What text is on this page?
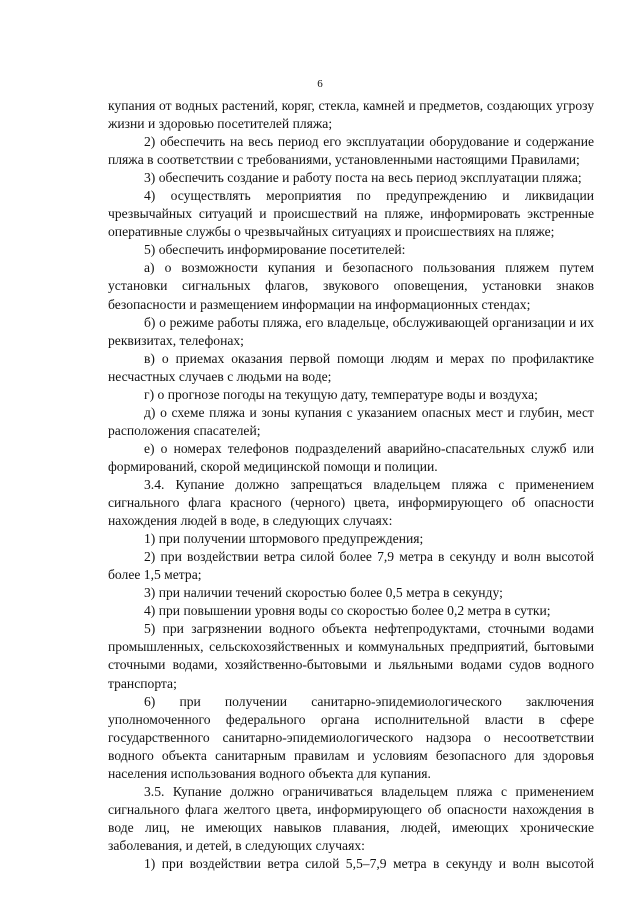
6

купания от водных растений, коряг, стекла, камней и предметов, создающих угрозу жизни и здоровью посетителей пляжа;

2) обеспечить на весь период его эксплуатации оборудование и содержание пляжа в соответствии с требованиями, установленными настоящими Правилами;

3) обеспечить создание и работу поста на весь период эксплуатации пляжа;

4) осуществлять мероприятия по предупреждению и ликвидации чрезвычайных ситуаций и происшествий на пляже, информировать экстренные оперативные службы о чрезвычайных ситуациях и происшествиях на пляже;

5) обеспечить информирование посетителей:

а) о возможности купания и безопасного пользования пляжем путем установки сигнальных флагов, звукового оповещения, установки знаков безопасности и размещением информации на информационных стендах;

б) о режиме работы пляжа, его владельце, обслуживающей организации и их реквизитах, телефонах;

в) о приемах оказания первой помощи людям и мерах по профилактике несчастных случаев с людьми на воде;

г) о прогнозе погоды на текущую дату, температуре воды и воздуха;

д) о схеме пляжа и зоны купания с указанием опасных мест и глубин, мест расположения спасателей;

е) о номерах телефонов подразделений аварийно-спасательных служб или формирований, скорой медицинской помощи и полиции.

3.4. Купание должно запрещаться владельцем пляжа с применением сигнального флага красного (черного) цвета, информирующего об опасности нахождения людей в воде, в следующих случаях:

1) при получении штормового предупреждения;

2) при воздействии ветра силой более 7,9 метра в секунду и волн высотой более 1,5 метра;

3) при наличии течений скоростью более 0,5 метра в секунду;

4) при повышении уровня воды со скоростью более 0,2 метра в сутки;

5) при загрязнении водного объекта нефтепродуктами, сточными водами промышленных, сельскохозяйственных и коммунальных предприятий, бытовыми сточными водами, хозяйственно-бытовыми и льяльными водами судов водного транспорта;

6) при получении санитарно-эпидемиологического заключения уполномоченного федерального органа исполнительной власти в сфере государственного санитарно-эпидемиологического надзора о несоответствии водного объекта санитарным правилам и условиям безопасного для здоровья населения использования водного объекта для купания.

3.5. Купание должно ограничиваться владельцем пляжа с применением сигнального флага желтого цвета, информирующего об опасности нахождения в воде лиц, не имеющих навыков плавания, людей, имеющих хронические заболевания, и детей, в следующих случаях:

1) при воздействии ветра силой 5,5–7,9 метра в секунду и волн высотой
